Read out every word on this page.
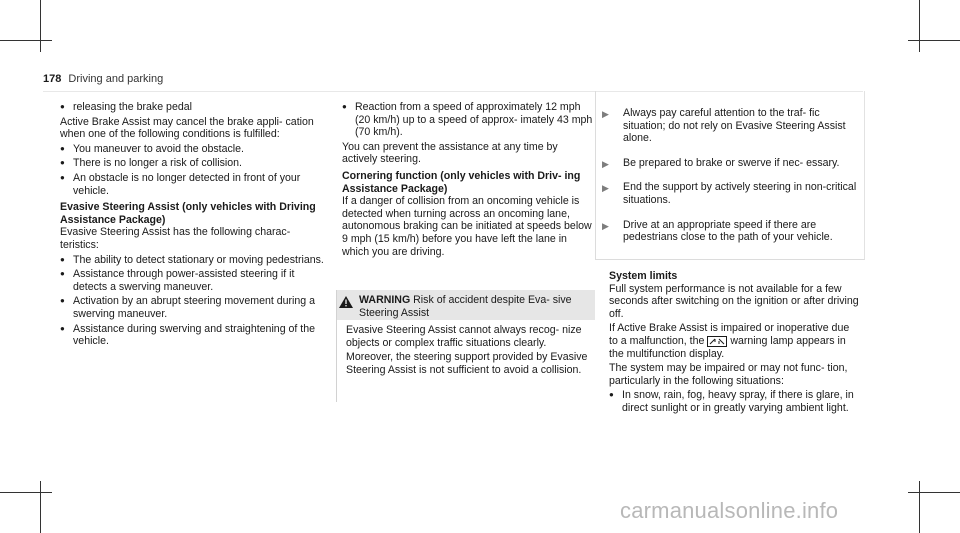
178 Driving and parking
● releasing the brake pedal

Active Brake Assist may cancel the brake appli- cation when one of the following conditions is fulfilled:

● You maneuver to avoid the obstacle.
● There is no longer a risk of collision.
● An obstacle is no longer detected in front of your vehicle.

Evasive Steering Assist (only vehicles with Driving Assistance Package)

Evasive Steering Assist has the following charac- teristics:

● The ability to detect stationary or moving pedestrians.
● Assistance through power-assisted steering if it detects a swerving maneuver.
● Activation by an abrupt steering movement during a swerving maneuver.
● Assistance during swerving and straightening of the vehicle.
● Reaction from a speed of approximately 12 mph (20 km/h) up to a speed of approx- imately 43 mph (70 km/h).

You can prevent the assistance at any time by actively steering.

Cornering function (only vehicles with Driv- ing Assistance Package)

If a danger of collision from an oncoming vehicle is detected when turning across an oncoming lane, autonomous braking can be initiated at speeds below 9 mph (15 km/h) before you have left the lane in which you are driving.

WARNING Risk of accident despite Eva- sive Steering Assist

Evasive Steering Assist cannot always recog- nize objects or complex traffic situations clearly.

Moreover, the steering support provided by Evasive Steering Assist is not sufficient to avoid a collision.

▶ Always pay careful attention to the traf- fic situation; do not rely on Evasive Steering Assist alone.
▶ Be prepared to brake or swerve if nec- essary.
▶ End the support by actively steering in non-critical situations.
▶ Drive at an appropriate speed if there are pedestrians close to the path of your vehicle.

System limits

Full system performance is not available for a few seconds after switching on the ignition or after driving off.

If Active Brake Assist is impaired or inoperative due to a malfunction, the warning lamp appears in the multifunction display.

The system may be impaired or may not func- tion, particularly in the following situations:

● In snow, rain, fog, heavy spray, if there is glare, in direct sunlight or in greatly varying ambient light.
carmanualsonline.info
